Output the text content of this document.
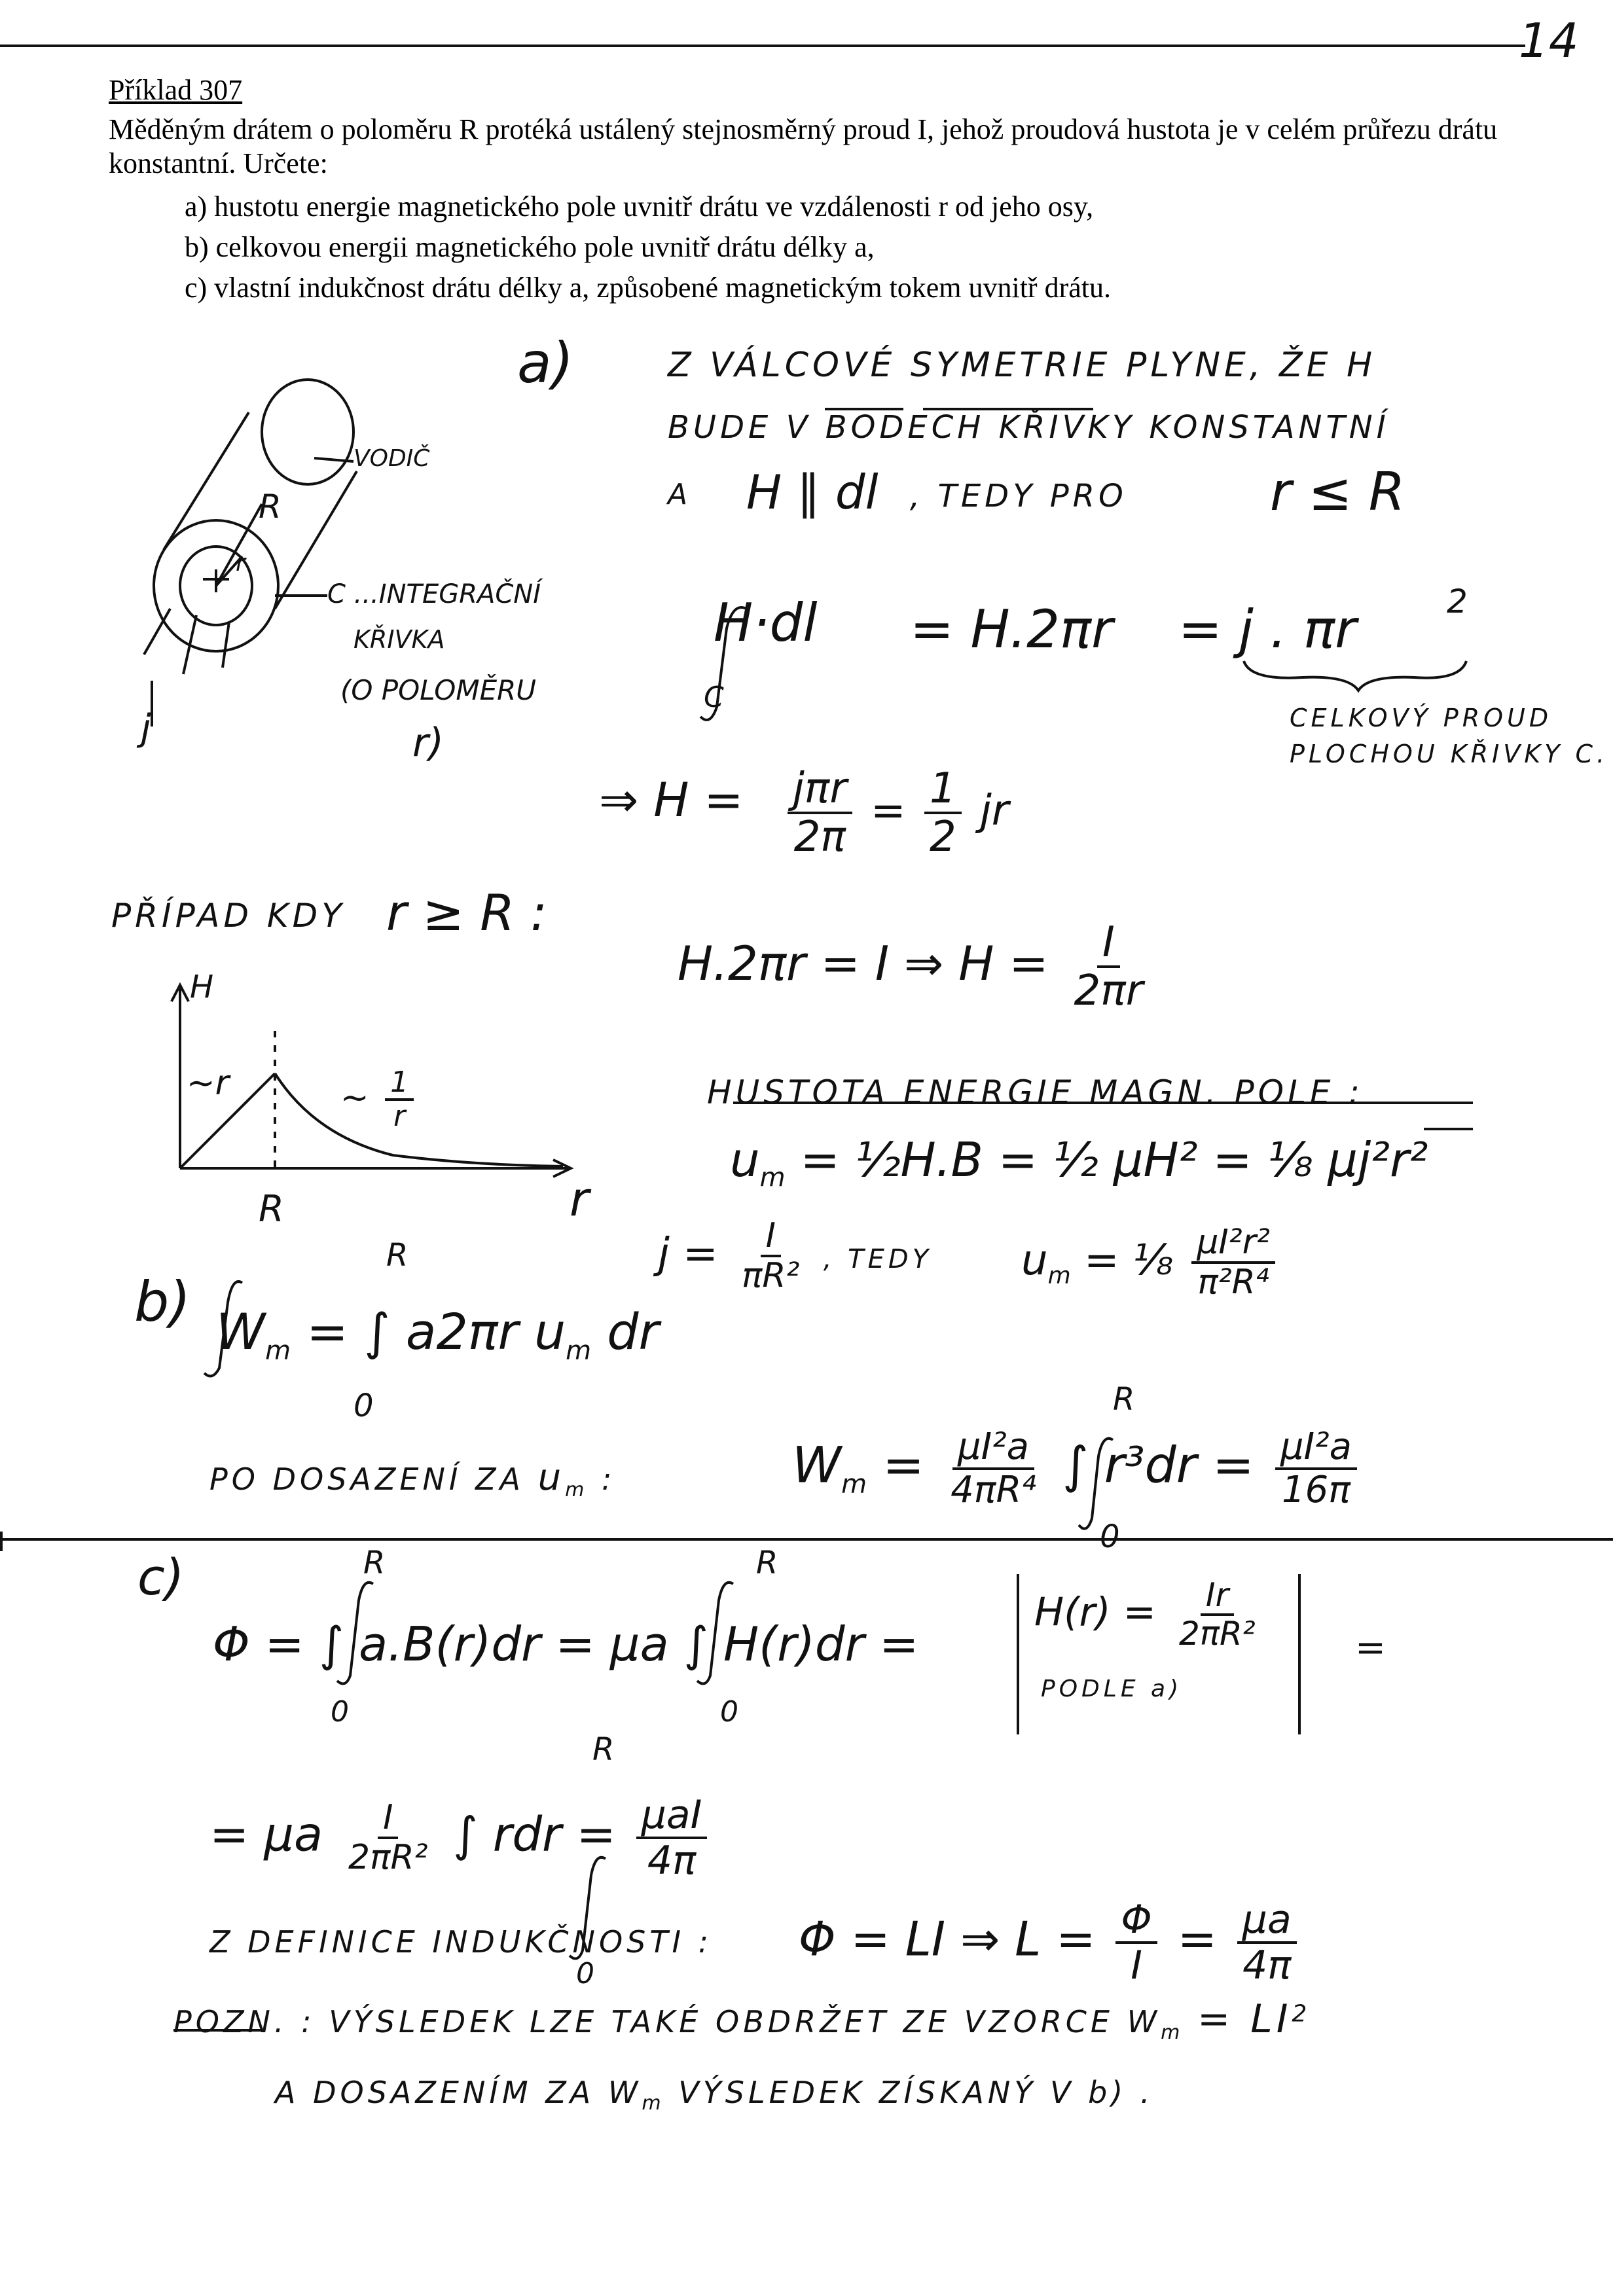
14
Příklad 307
Měděným drátem o poloměru R protéká ustálený stejnosměrný proud I, jehož proudová hustota je v celém průřezu drátu konstantní. Určete:
a) hustotu energie magnetického pole uvnitř drátu ve vzdálenosti r od jeho osy,
b) celkovou energii magnetického pole uvnitř drátu délky a,
c) vlastní indukčnost drátu délky a, způsobené magnetickým tokem uvnitř drátu.
a)	Z VÁLCOVÉ SYMETRIE PLYNE, ŽE H
BUDE V BODECH KŘIVKY KONSTANTNÍ
A H ∥ dl , TEDY PRO	r ≤ R
VODIČ
R
r
C ...INTEGRAČNÍ
KŘIVKA
(O POLOMĚRU
r)
j
H·dl
C
= H.2πr = j . πr	2
CELKOVÝ PROUD
PLOCHOU KŘIVKY C.
⇒ $H = \frac{\text{jπr}}{2\pi} = \frac{1}{2}$ jr
PŘÍPAD KDY r ≥ R :
H.2πr = I ⇒ $H = \frac{I}{2\pi r}$
H
r
R
~r	~ $\frac{1}{r}$	HUSTOTA ENERGIE MAGN. POLE :
$u_m$ = ½H.B = ½ μH² = ⅛ μj²r²
$j = \frac{I}{\text{πR²}}$ , TEDY $u_m$ = ⅛ $\frac{\text{μI²r²}}{\text{π²R⁴}}$
b)
R
0
$W_m$ = ∫ a2πr $u_m$ dr
PO DOSAZENÍ ZA $u_m$ :
R
0
$W_m = \frac{\text{μI²a}}{\text{4πR⁴}}$ ∫ $r^3dr = \frac{\text{μI²a}}{16\pi}$
c)	R
0
R
0
Φ = ∫ a.B(r)dr = μa ∫ H(r)dr =
$H(r) = \frac{Ir}{\text{2πR²}}$
PODLE a)
=
R
0
= μa $\frac{I}{\text{2πR²}}$ ∫ rdr = $\frac{\text{μaI}}{4\pi}$
Z DEFINICE INDUKČNOSTI : Φ = LI ⇒ $L = \frac{\Phi}{I} = \frac{\mu a}{4\pi}$
POZN. : VÝSLEDEK LZE TAKÉ OBDRŽET ZE VZORCE $W_m = LI^2$
A DOSAZENÍM ZA $W_m$ VÝSLEDEK ZÍSKANÝ V b) .
